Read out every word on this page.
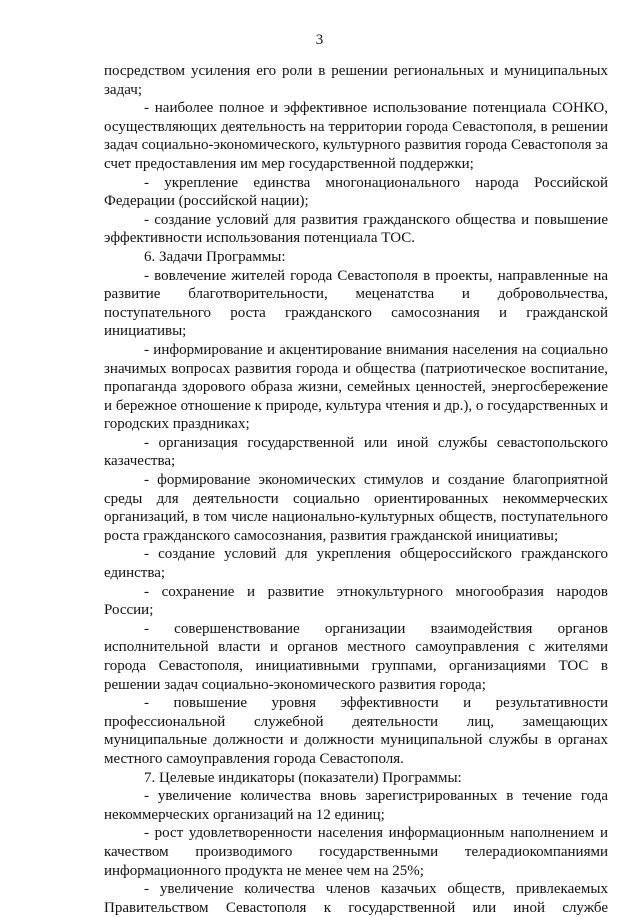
3

посредством усиления его роли в решении региональных и муниципальных задач;

- наиболее полное и эффективное использование потенциала СОНКО, осуществляющих деятельность на территории города Севастополя, в решении задач социально-экономического, культурного развития города Севастополя за счет предоставления им мер государственной поддержки;

- укрепление единства многонационального народа Российской Федерации (российской нации);

- создание условий для развития гражданского общества и повышение эффективности использования потенциала ТОС.

6. Задачи Программы:

- вовлечение жителей города Севастополя в проекты, направленные на развитие благотворительности, меценатства и добровольчества, поступательного роста гражданского самосознания и гражданской инициативы;

- информирование и акцентирование внимания населения на социально значимых вопросах развития города и общества (патриотическое воспитание, пропаганда здорового образа жизни, семейных ценностей, энергосбережение и бережное отношение к природе, культура чтения и др.), о государственных и городских праздниках;

- организация государственной или иной службы севастопольского казачества;

- формирование экономических стимулов и создание благоприятной среды для деятельности социально ориентированных некоммерческих организаций, в том числе национально-культурных обществ, поступательного роста гражданского самосознания, развития гражданской инициативы;

- создание условий для укрепления общероссийского гражданского единства;

- сохранение и развитие этнокультурного многообразия народов России;

- совершенствование организации взаимодействия органов исполнительной власти и органов местного самоуправления с жителями города Севастополя, инициативными группами, организациями ТОС в решении задач социально-экономического развития города;

- повышение уровня эффективности и результативности профессиональной служебной деятельности лиц, замещающих муниципальные должности и должности муниципальной службы в органах местного самоуправления города Севастополя.

7. Целевые индикаторы (показатели) Программы:

- увеличение количества вновь зарегистрированных в течение года некоммерческих организаций на 12 единиц;

- рост удовлетворенности населения информационным наполнением и качеством производимого государственными телерадиокомпаниями информационного продукта не менее чем на 25%;

- увеличение количества членов казачьих обществ, привлекаемых Правительством Севастополя к государственной или иной службе
